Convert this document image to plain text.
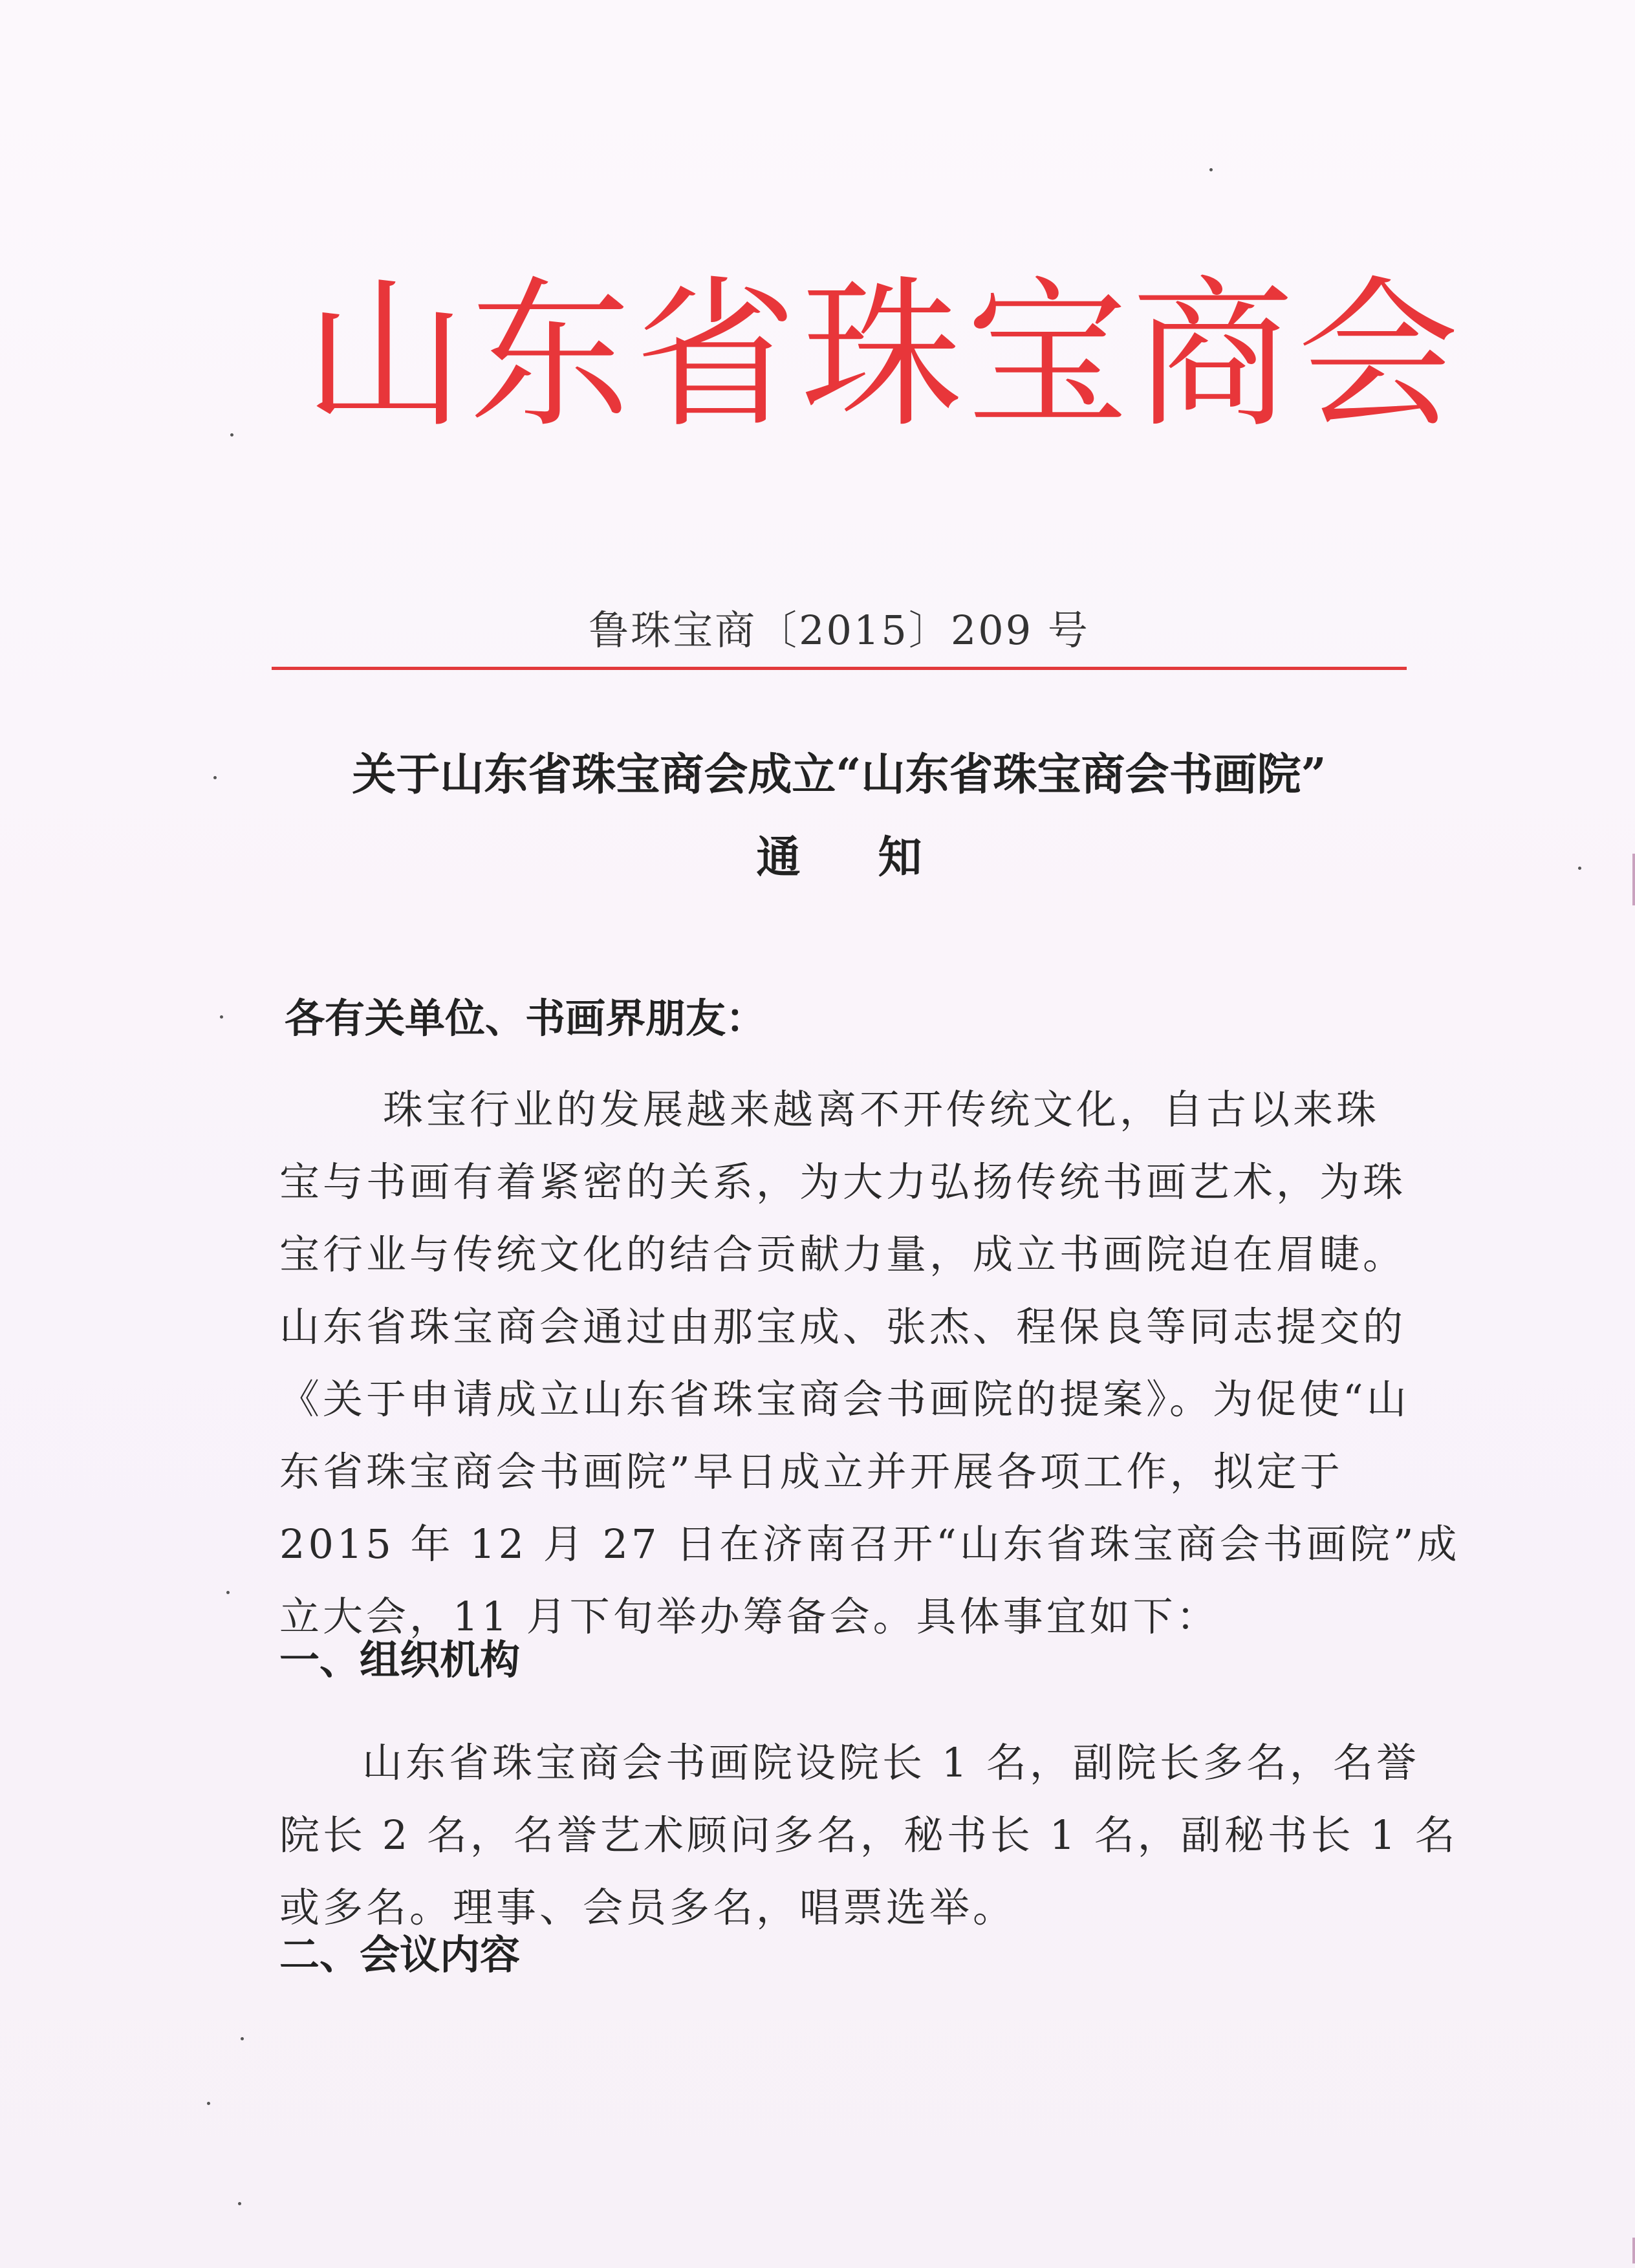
山东省珠宝商会
鲁珠宝商〔2015〕209 号
关于山东省珠宝商会成立“山东省珠宝商会书画院”
通知
各有关单位、书画界朋友：
珠宝行业的发展越来越离不开传统文化，自古以来珠
宝与书画有着紧密的关系，为大力弘扬传统书画艺术，为珠
宝行业与传统文化的结合贡献力量，成立书画院迫在眉睫。
山东省珠宝商会通过由那宝成、张杰、程保良等同志提交的
《关于申请成立山东省珠宝商会书画院的提案》。为促使“山
东省珠宝商会书画院”早日成立并开展各项工作，拟定于
2015 年 12 月 27 日在济南召开“山东省珠宝商会书画院”成
立大会，11 月下旬举办筹备会。具体事宜如下：
一、组织机构
山东省珠宝商会书画院设院长 1 名，副院长多名，名誉
院长 2 名，名誉艺术顾问多名，秘书长 1 名，副秘书长 1 名
或多名。理事、会员多名，唱票选举。
二、会议内容
